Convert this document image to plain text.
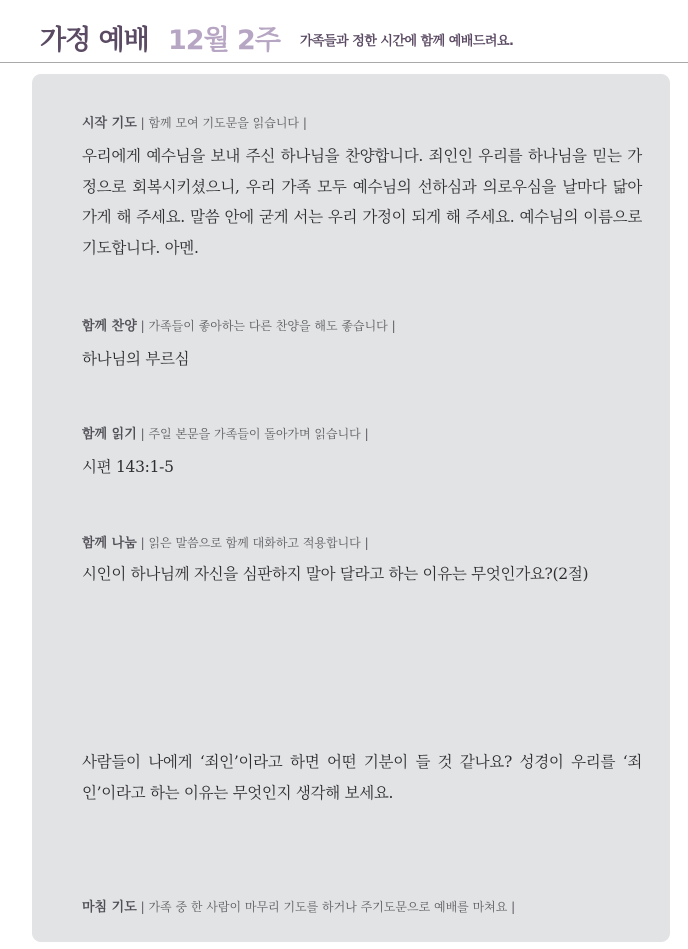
가정 예배 12월 2주 가족들과 정한 시간에 함께 예배드려요.
시작 기도 | 함께 모여 기도문을 읽습니다 |
우리에게 예수님을 보내 주신 하나님을 찬양합니다. 죄인인 우리를 하나님을 믿는 가정으로 회복시키셨으니, 우리 가족 모두 예수님의 선하심과 의로우심을 날마다 닮아 가게 해 주세요. 말씀 안에 굳게 서는 우리 가정이 되게 해 주세요. 예수님의 이름으로 기도합니다. 아멘.
함께 찬양 | 가족들이 좋아하는 다른 찬양을 해도 좋습니다 |
하나님의 부르심
함께 읽기 | 주일 본문을 가족들이 돌아가며 읽습니다 |
시편 143:1-5
함께 나눔 | 읽은 말씀으로 함께 대화하고 적용합니다 |
시인이 하나님께 자신을 심판하지 말아 달라고 하는 이유는 무엇인가요?(2절)
사람들이 나에게 ‘죄인’이라고 하면 어떤 기분이 들 것 같나요? 성경이 우리를 ‘죄인’이라고 하는 이유는 무엇인지 생각해 보세요.
마침 기도 | 가족 중 한 사람이 마무리 기도를 하거나 주기도문으로 예배를 마쳐요 |
